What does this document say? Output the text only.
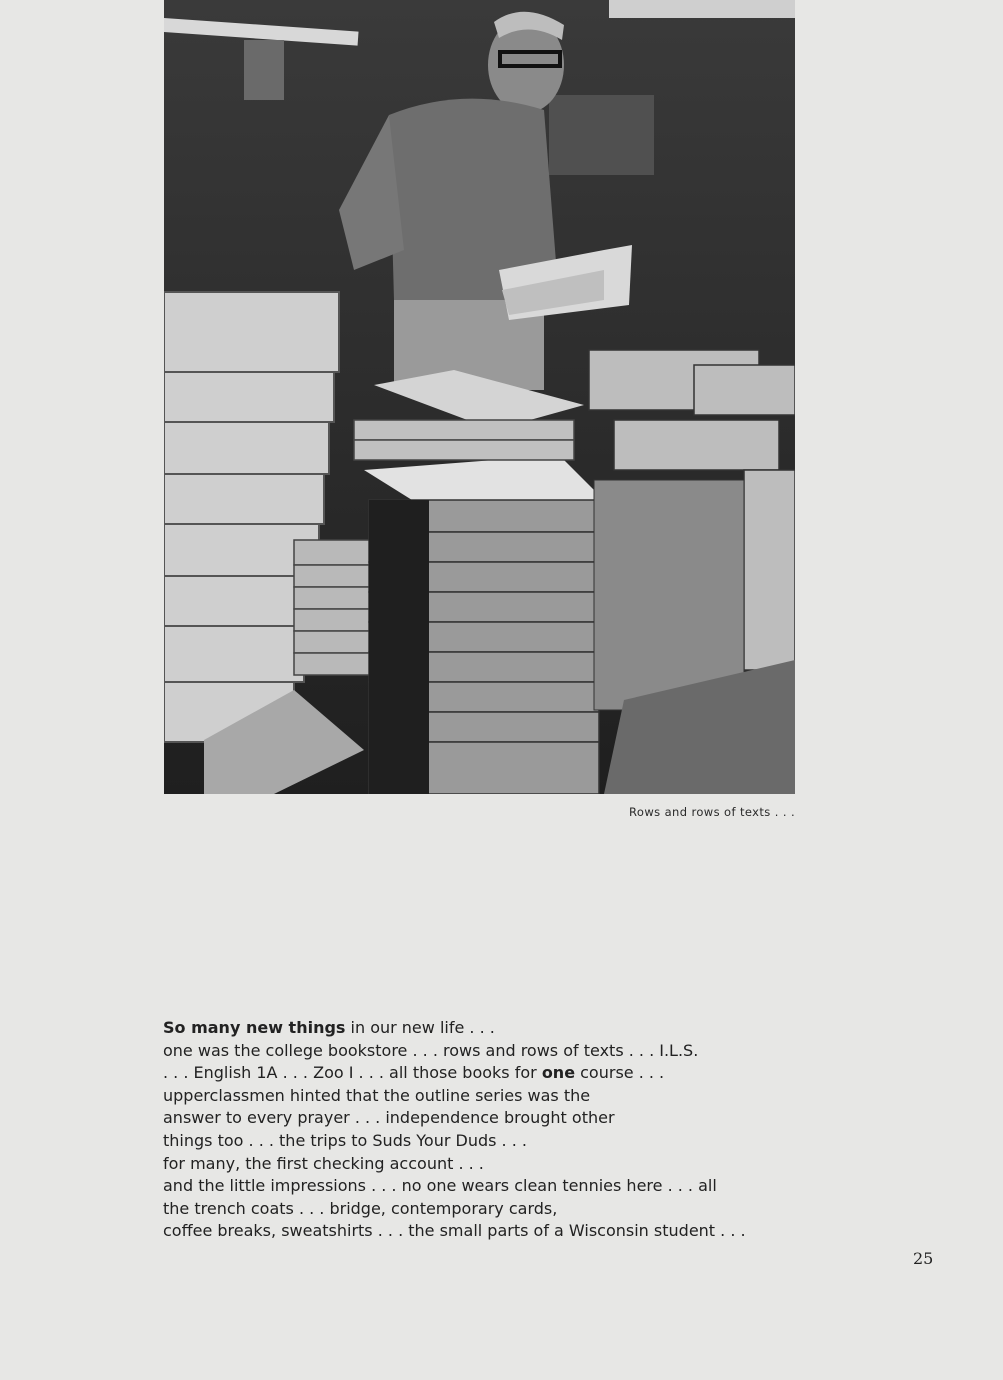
Rows and rows of texts . . .
So many new things in our new life . . .
one was the college bookstore . . . rows and rows of texts . . . I.L.S.
. . . English 1A . . . Zoo I . . . all those books for one course . . .
upperclassmen hinted that the outline series was the
answer to every prayer . . . independence brought other
things too . . . the trips to Suds Your Duds . . .
for many, the first checking account . . .
and the little impressions . . . no one wears clean tennies here . . . all
the trench coats . . . bridge, contemporary cards,
coffee breaks, sweatshirts . . . the small parts of a Wisconsin student . . .
25
